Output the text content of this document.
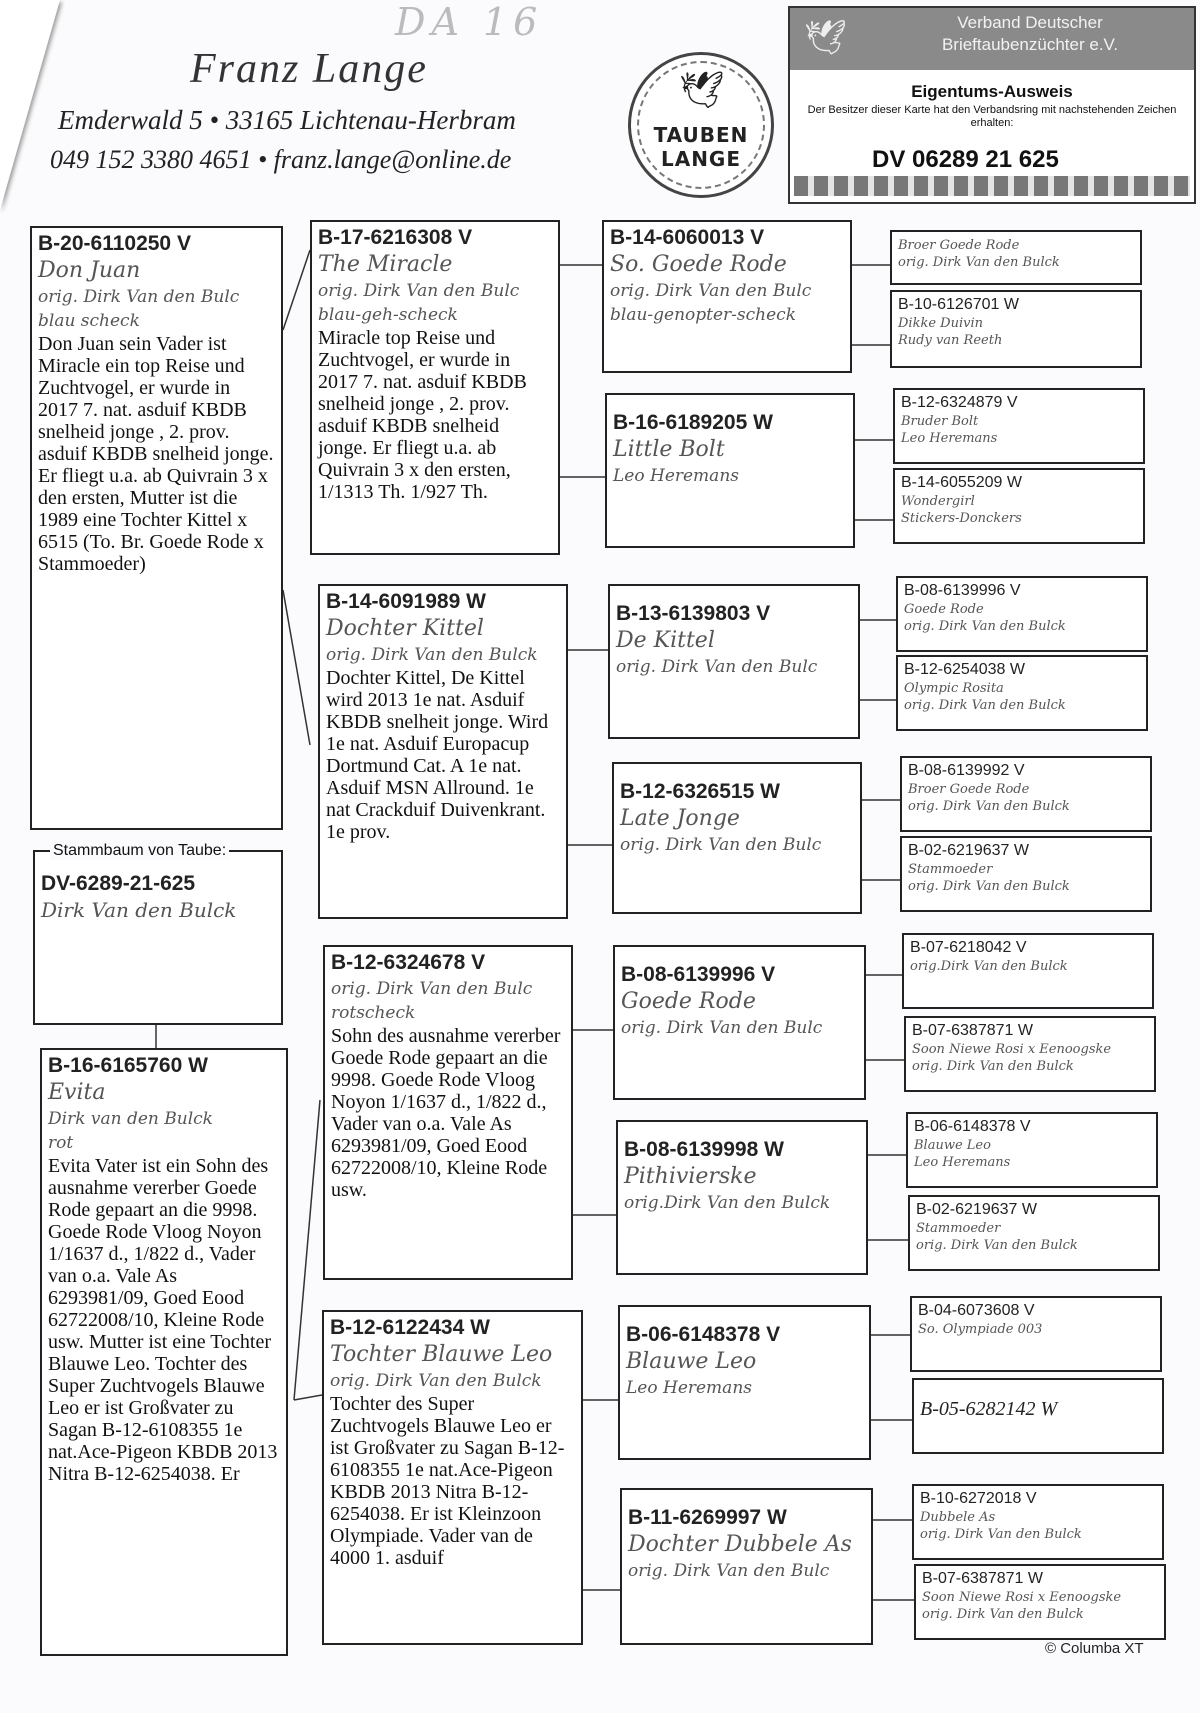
DA 16
Franz Lange
Emderwald 5 • 33165 Lichtenau-Herbram
049 152 3380 4651 • franz.lange@online.de
🕊
TAUBEN
LANGE
🕊	Verband Deutscher Brieftaubenzüchter e.V.
Eigentums-Ausweis
Der Besitzer dieser Karte hat den Verbandsring mit nachstehenden Zeichen erhalten:
DV 06289 21 625
B-20-6110250 V
Don Juan
orig. Dirk Van den Bulc
blau scheck
Don Juan sein Vader ist Miracle ein top Reise und Zuchtvogel, er wurde in 2017 7. nat. asduif KBDB snelheid jonge , 2. prov. asduif KBDB snelheid jonge. Er fliegt u.a. ab Quivrain 3 x den ersten, Mutter ist die 1989 eine Tochter Kittel x 6515 (To. Br. Goede Rode x Stammoeder)
DV-6289-21-625
Dirk Van den Bulck
Stammbaum von Taube:
B-16-6165760 W
Evita
Dirk van den Bulck
rot
Evita Vater ist ein Sohn des ausnahme vererber Goede Rode gepaart an die 9998. Goede Rode Vloog Noyon 1/1637 d., 1/822 d., Vader van o.a. Vale As 6293981/09, Goed Eood 62722008/10, Kleine Rode usw. Mutter ist eine Tochter Blauwe Leo. Tochter des Super Zuchtvogels Blauwe Leo er ist Großvater zu Sagan B-12-6108355 1e nat.Ace-Pigeon KBDB 2013 Nitra B-12-6254038. Er
B-17-6216308 V
The Miracle
orig. Dirk Van den Bulc
blau-geh-scheck
Miracle top Reise und Zuchtvogel, er wurde in 2017 7. nat. asduif KBDB snelheid jonge , 2. prov. asduif KBDB snelheid jonge. Er fliegt u.a. ab Quivrain 3 x den ersten, 1/1313 Th. 1/927 Th.
B-14-6091989 W
Dochter Kittel
orig. Dirk Van den Bulck
Dochter Kittel, De Kittel wird 2013 1e nat. Asduif KBDB snelheit jonge. Wird 1e nat. Asduif Europacup Dortmund Cat. A 1e nat. Asduif MSN Allround. 1e nat Crackduif Duivenkrant. 1e prov.
B-12-6324678 V
orig. Dirk Van den Bulc
rotscheck
Sohn des ausnahme vererber Goede Rode gepaart an die 9998. Goede Rode Vloog Noyon 1/1637 d., 1/822 d., Vader van o.a. Vale As 6293981/09, Goed Eood 62722008/10, Kleine Rode usw.
B-12-6122434 W
Tochter Blauwe Leo
orig. Dirk Van den Bulck
Tochter des Super Zuchtvogels Blauwe Leo er ist Großvater zu Sagan B-12-6108355 1e nat.Ace-Pigeon KBDB 2013 Nitra B-12-6254038. Er ist Kleinzoon Olympiade. Vader van de 4000 1. asduif
B-14-6060013 V
So. Goede Rode
orig. Dirk Van den Bulc
blau-genopter-scheck
B-16-6189205 W
Little Bolt
Leo Heremans
B-13-6139803 V
De Kittel
orig. Dirk Van den Bulc
B-12-6326515 W
Late Jonge
orig. Dirk Van den Bulc
B-08-6139996 V
Goede Rode
orig. Dirk Van den Bulc
B-08-6139998 W
Pithivierske
orig.Dirk Van den Bulck
B-06-6148378 V
Blauwe Leo
Leo Heremans
B-11-6269997 W
Dochter Dubbele As
orig. Dirk Van den Bulc
Broer Goede Rode
orig. Dirk Van den Bulck
B-10-6126701 W
Dikke Duivin
Rudy van Reeth
B-12-6324879 V
Bruder Bolt
Leo Heremans
B-14-6055209 W
Wondergirl
Stickers-Donckers
B-08-6139996 V
Goede Rode
orig. Dirk Van den Bulck
B-12-6254038 W
Olympic Rosita
orig. Dirk Van den Bulck
B-08-6139992 V
Broer Goede Rode
orig. Dirk Van den Bulck
B-02-6219637 W
Stammoeder
orig. Dirk Van den Bulck
B-07-6218042 V
orig.Dirk Van den Bulck
B-07-6387871 W
Soon Niewe Rosi x Eenoogske
orig. Dirk Van den Bulck
B-06-6148378 V
Blauwe Leo
Leo Heremans
B-02-6219637 W
Stammoeder
orig. Dirk Van den Bulck
B-04-6073608 V
So. Olympiade 003
B-05-6282142 W
B-10-6272018 V
Dubbele As
orig. Dirk Van den Bulck
B-07-6387871 W
Soon Niewe Rosi x Eenoogske
orig. Dirk Van den Bulck
© Columba XT
